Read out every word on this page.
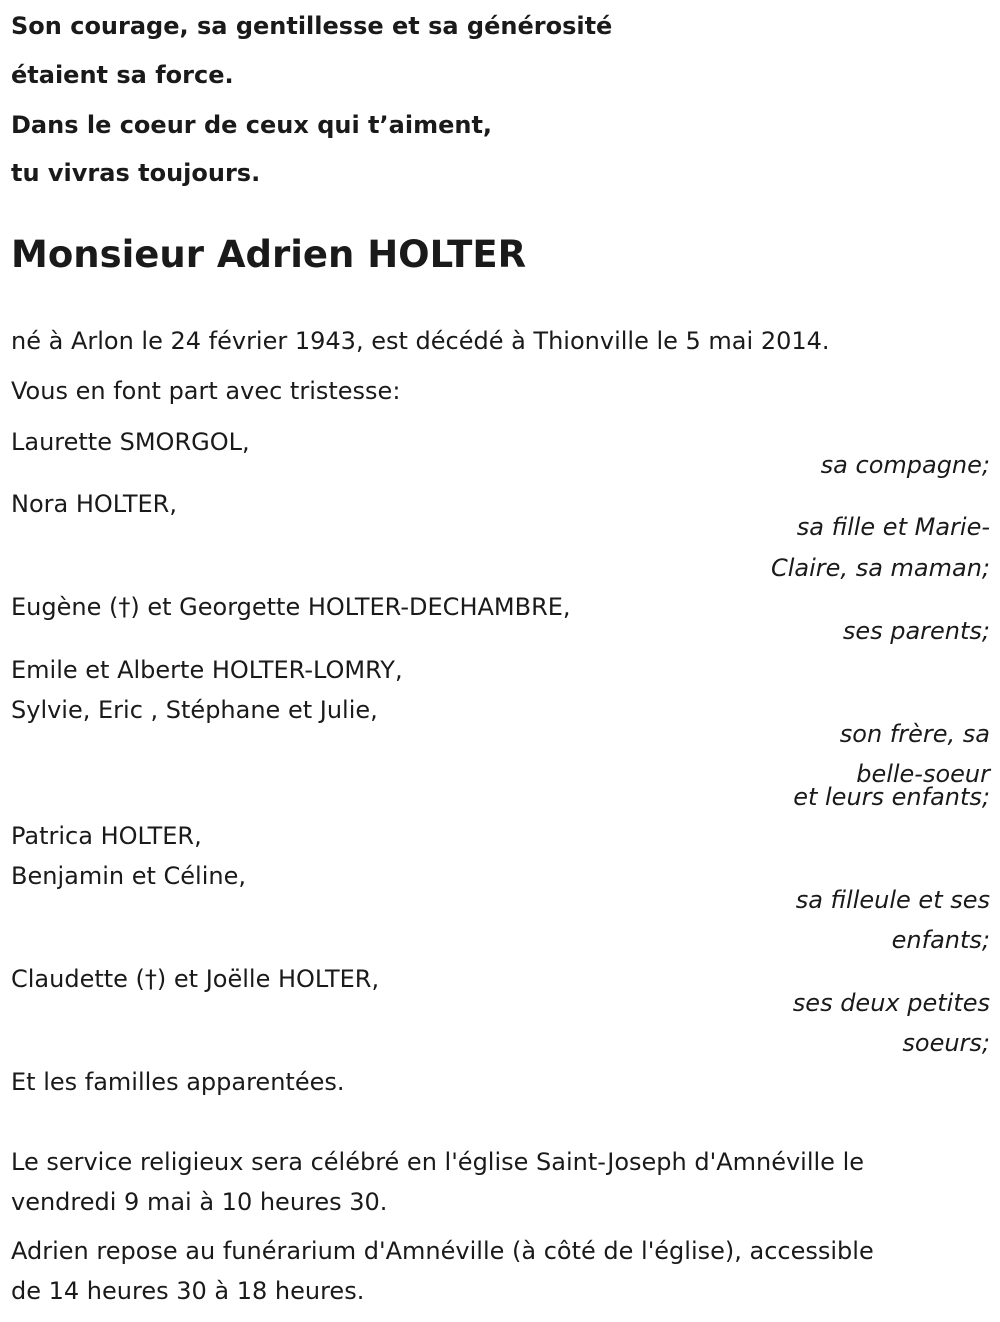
Son courage, sa gentillesse et sa générosité

étaient sa force.

Dans le coeur de ceux qui t’aiment,

tu vivras toujours.

Monsieur Adrien HOLTER

né à Arlon le 24 février 1943, est décédé à Thionville le 5 mai 2014.

Vous en font part avec tristesse:

Laurette SMORGOL,

sa compagne;

Nora HOLTER,

sa fille et Marie-

Claire, sa maman;

Eugène (†) et Georgette HOLTER-DECHAMBRE,

ses parents;

Emile et Alberte HOLTER-LOMRY,

Sylvie, Eric , Stéphane et Julie,

son frère, sa

belle-soeur

et leurs enfants;

Patrica HOLTER,

Benjamin et Céline,

sa filleule et ses

enfants;

Claudette (†) et Joëlle HOLTER,

ses deux petites

soeurs;

Et les familles apparentées.

Le service religieux sera célébré en l'église Saint-Joseph d'Amnéville le

vendredi 9 mai à 10 heures 30.

Adrien repose au funérarium d'Amnéville (à côté de l'église), accessible

de 14 heures 30 à 18 heures.
